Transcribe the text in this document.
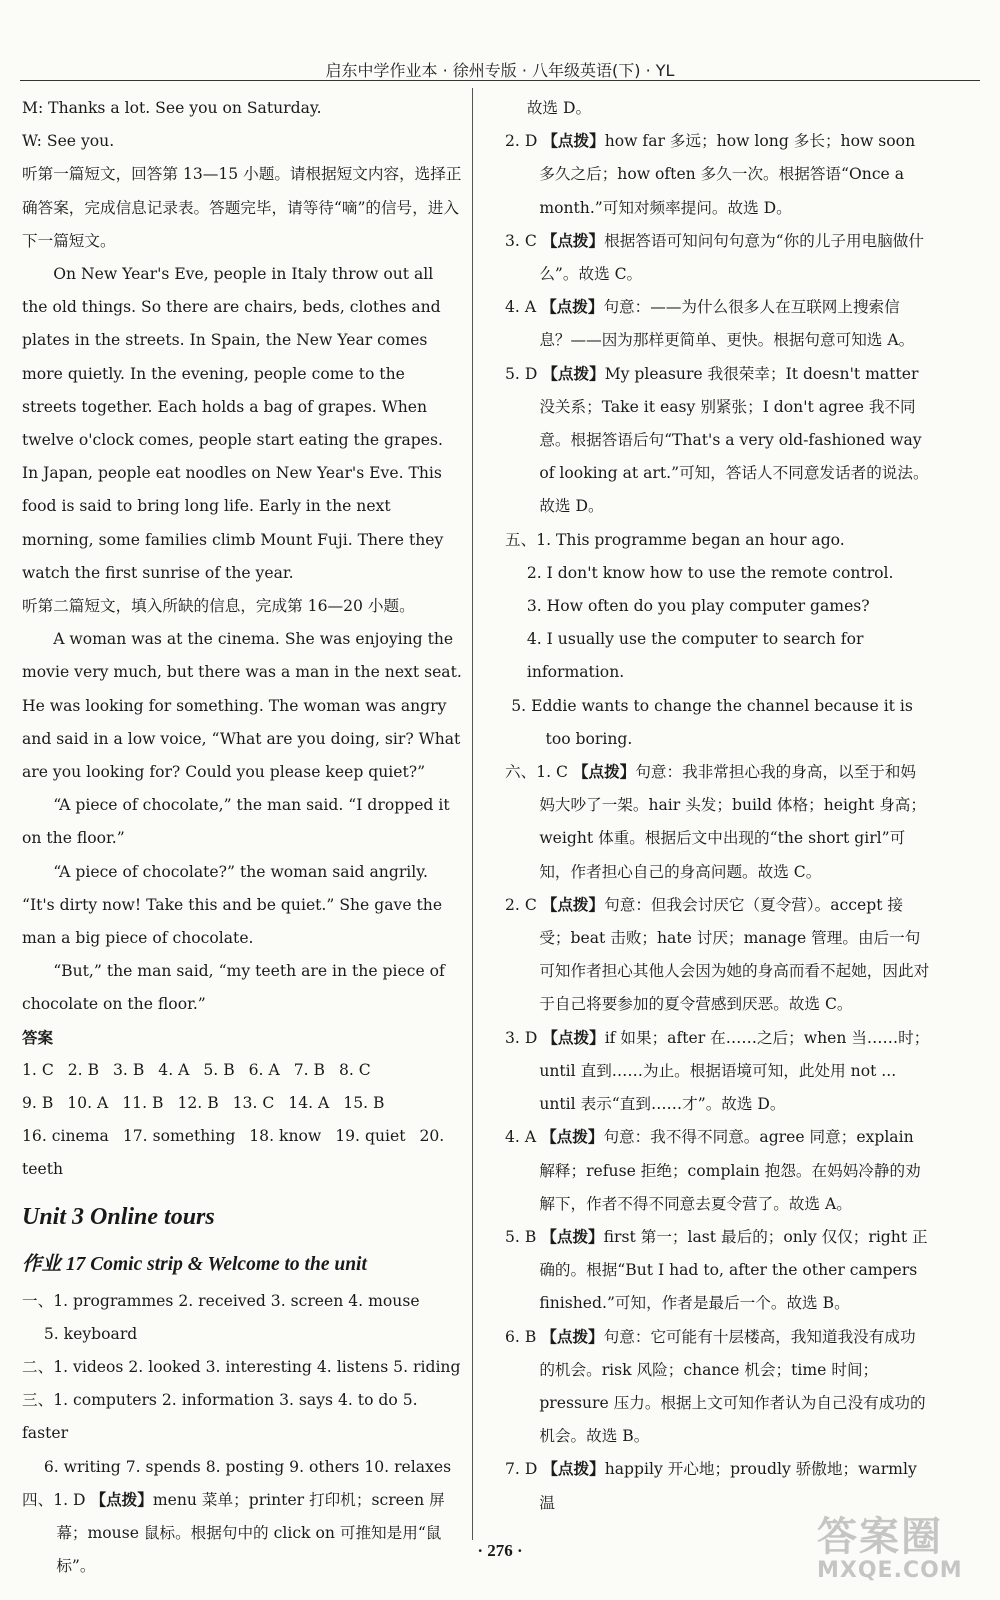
启东中学作业本 · 徐州专版 · 八年级英语(下) · YL

M: Thanks a lot. See you on Saturday.

W: See you.

听第一篇短文，回答第 13—15 小题。请根据短文内容，选择正确答案，完成信息记录表。答题完毕，请等待“嘀”的信号，进入下一篇短文。

On New Year's Eve, people in Italy throw out all the old things. So there are chairs, beds, clothes and plates in the streets. In Spain, the New Year comes more quietly. In the evening, people come to the streets together. Each holds a bag of grapes. When twelve o'clock comes, people start eating the grapes. In Japan, people eat noodles on New Year's Eve. This food is said to bring long life. Early in the next morning, some families climb Mount Fuji. There they watch the first sunrise of the year.

听第二篇短文，填入所缺的信息，完成第 16—20 小题。

A woman was at the cinema. She was enjoying the movie very much, but there was a man in the next seat. He was looking for something. The woman was angry and said in a low voice, “What are you doing, sir? What are you looking for? Could you please keep quiet?”

“A piece of chocolate,” the man said. “I dropped it on the floor.”

“A piece of chocolate?” the woman said angrily. “It's dirty now! Take this and be quiet.” She gave the man a big piece of chocolate.

“But,” the man said, “my teeth are in the piece of chocolate on the floor.”

答案

1. C 2. B 3. B 4. A 5. B 6. A 7. B 8. C

9. B 10. A 11. B 12. B 13. C 14. A 15. B

16. cinema 17. something 18. know 19. quiet 20. teeth

Unit 3 Online tours

作业 17 Comic strip & Welcome to the unit

一、1. programmes 2. received 3. screen 4. mouse

5. keyboard

二、1. videos 2. looked 3. interesting 4. listens 5. riding

三、1. computers 2. information 3. says 4. to do 5. faster

6. writing 7. spends 8. posting 9. others 10. relaxes

四、1. D 【点拨】menu 菜单；printer 打印机；screen 屏幕；mouse 鼠标。根据句中的 click on 可推知是用“鼠标”。

故选 D。

2. D 【点拨】how far 多远；how long 多长；how soon 多久之后；how often 多久一次。根据答语“Once a month.”可知对频率提问。故选 D。

3. C 【点拨】根据答语可知问句句意为“你的儿子用电脑做什么”。故选 C。

4. A 【点拨】句意：——为什么很多人在互联网上搜索信息？——因为那样更简单、更快。根据句意可知选 A。

5. D 【点拨】My pleasure 我很荣幸；It doesn't matter 没关系；Take it easy 别紧张；I don't agree 我不同意。根据答语后句“That's a very old-fashioned way of looking at art.”可知，答话人不同意发话者的说法。故选 D。

五、1. This programme began an hour ago.

2. I don't know how to use the remote control.

3. How often do you play computer games?

4. I usually use the computer to search for information.

5. Eddie wants to change the channel because it is too boring.

六、1. C 【点拨】句意：我非常担心我的身高，以至于和妈妈大吵了一架。hair 头发；build 体格；height 身高；weight 体重。根据后文中出现的“the short girl”可知，作者担心自己的身高问题。故选 C。

2. C 【点拨】句意：但我会讨厌它（夏令营）。accept 接受；beat 击败；hate 讨厌；manage 管理。由后一句可知作者担心其他人会因为她的身高而看不起她，因此对于自己将要参加的夏令营感到厌恶。故选 C。

3. D 【点拨】if 如果；after 在……之后；when 当……时；until 直到……为止。根据语境可知，此处用 not ... until 表示“直到……才”。故选 D。

4. A 【点拨】句意：我不得不同意。agree 同意；explain 解释；refuse 拒绝；complain 抱怨。在妈妈冷静的劝解下，作者不得不同意去夏令营了。故选 A。

5. B 【点拨】first 第一；last 最后的；only 仅仅；right 正确的。根据“But I had to, after the other campers finished.”可知，作者是最后一个。故选 B。

6. B 【点拨】句意：它可能有十层楼高，我知道我没有成功的机会。risk 风险；chance 机会；time 时间；pressure 压力。根据上文可知作者认为自己没有成功的机会。故选 B。

7. D 【点拨】happily 开心地；proudly 骄傲地；warmly 温

· 276 ·	答案圈
MXQE.COM
